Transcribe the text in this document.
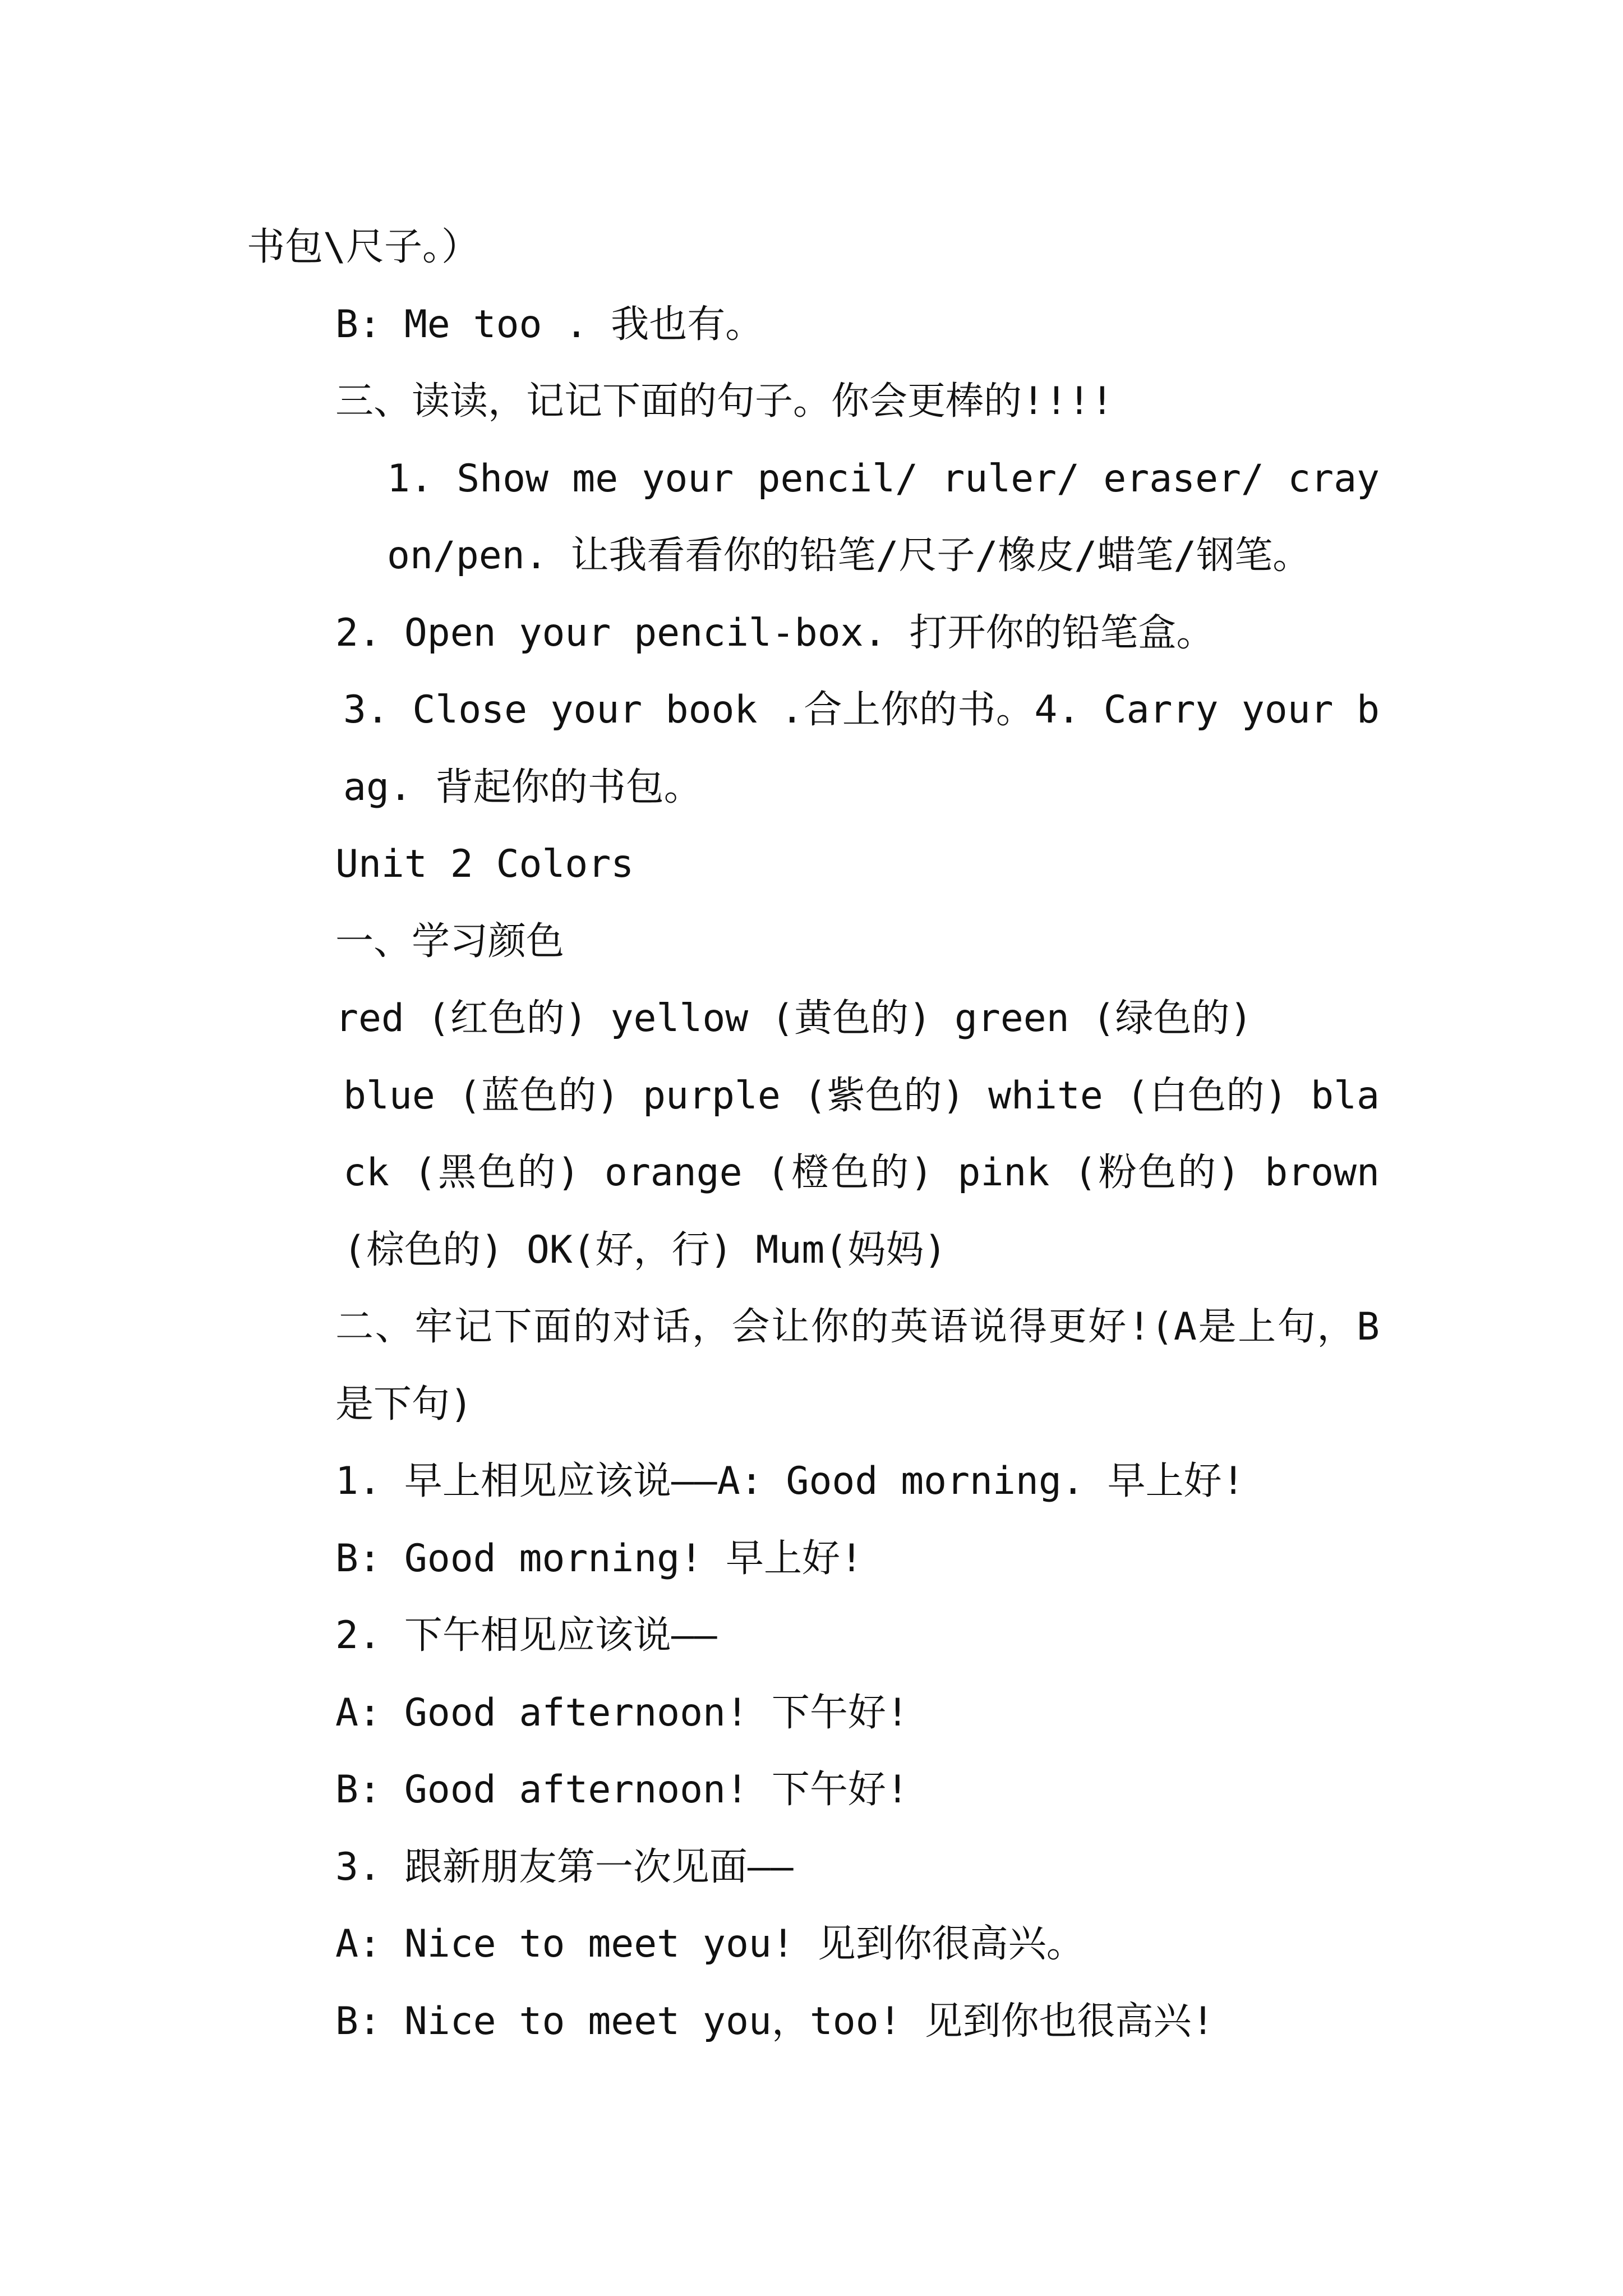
书包\尺子。）

B: Me too . 我也有。

三、读读，记记下面的句子。你会更棒的!!!!

1. Show me your pencil/ ruler/ eraser/ crayon/pen. 让我看看你的铅笔/尺子/橡皮/蜡笔/钢笔。

2. Open your pencil-box. 打开你的铅笔盒。

3. Close your book .合上你的书。4. Carry your bag. 背起你的书包。

Unit 2 Colors

一、学习颜色

red (红色的) yellow (黄色的) green (绿色的)

blue (蓝色的) purple (紫色的) white (白色的) black (黑色的) orange (橙色的) pink (粉色的) brown (棕色的) OK(好，行) Mum(妈妈)

二、牢记下面的对话，会让你的英语说得更好!(A是上句，B是下句)

1. 早上相见应该说——A: Good morning. 早上好!

B: Good morning! 早上好!

2. 下午相见应该说——

A: Good afternoon! 下午好!

B: Good afternoon! 下午好!

3. 跟新朋友第一次见面——

A: Nice to meet you! 见到你很高兴。

B: Nice to meet you，too! 见到你也很高兴!
